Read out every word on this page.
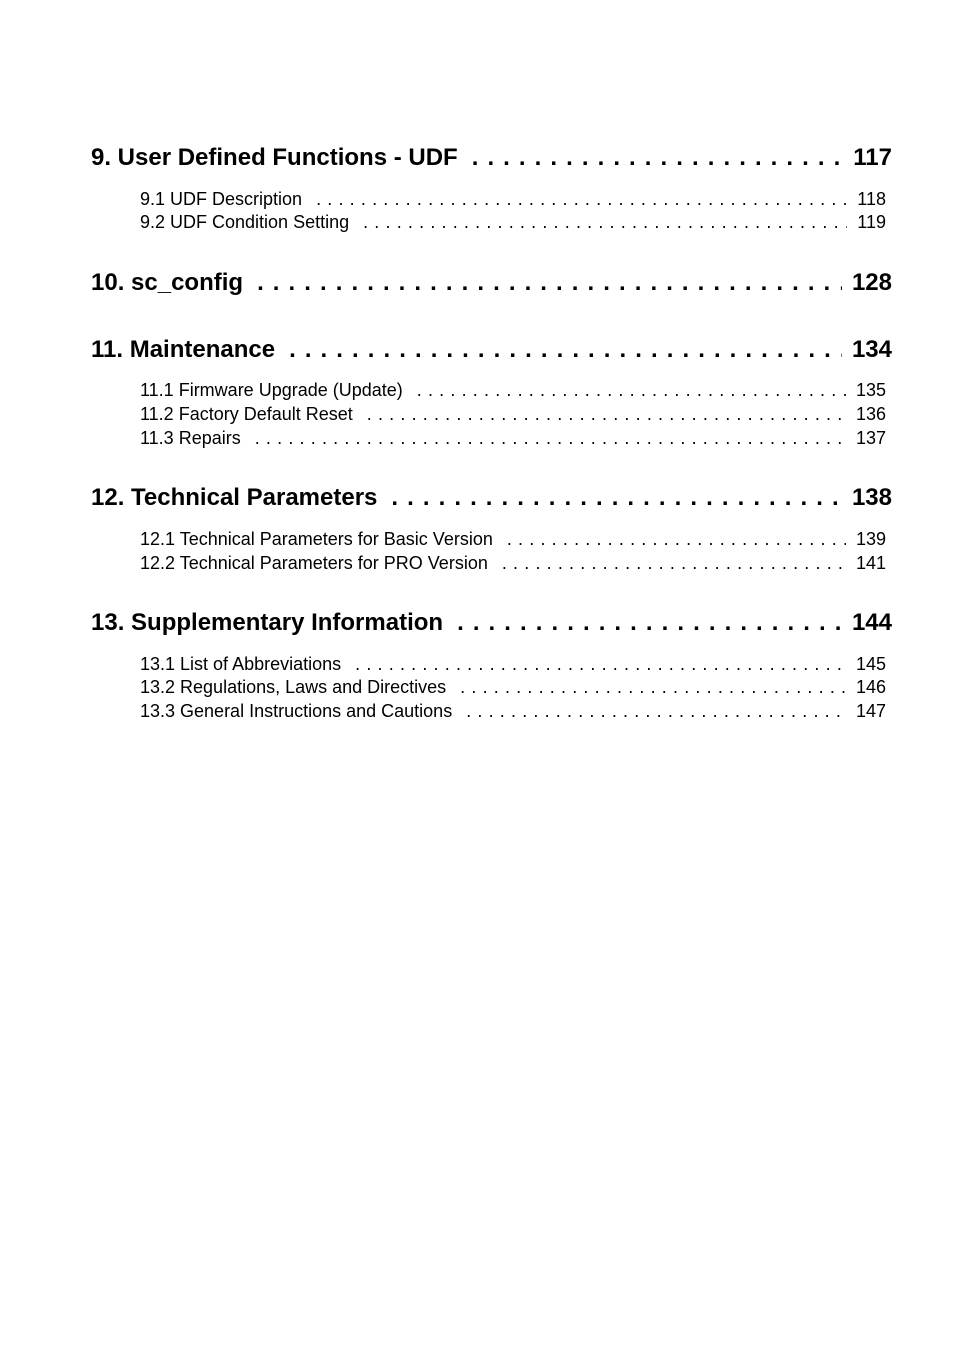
9. User Defined Functions - UDF . . .	117
9.1 UDF Description . . .	118
9.2 UDF Condition Setting . . .	119
10. sc_config . . .	128
11. Maintenance . . .	134
11.1 Firmware Upgrade (Update) . . .	135
11.2 Factory Default Reset . . .	136
11.3 Repairs . . .	137
12. Technical Parameters . . .	138
12.1 Technical Parameters for Basic Version . . .	139
12.2 Technical Parameters for PRO Version . . .	141
13. Supplementary Information . . .	144
13.1 List of Abbreviations . . .	145
13.2 Regulations, Laws and Directives . . .	146
13.3 General Instructions and Cautions . . .	147
